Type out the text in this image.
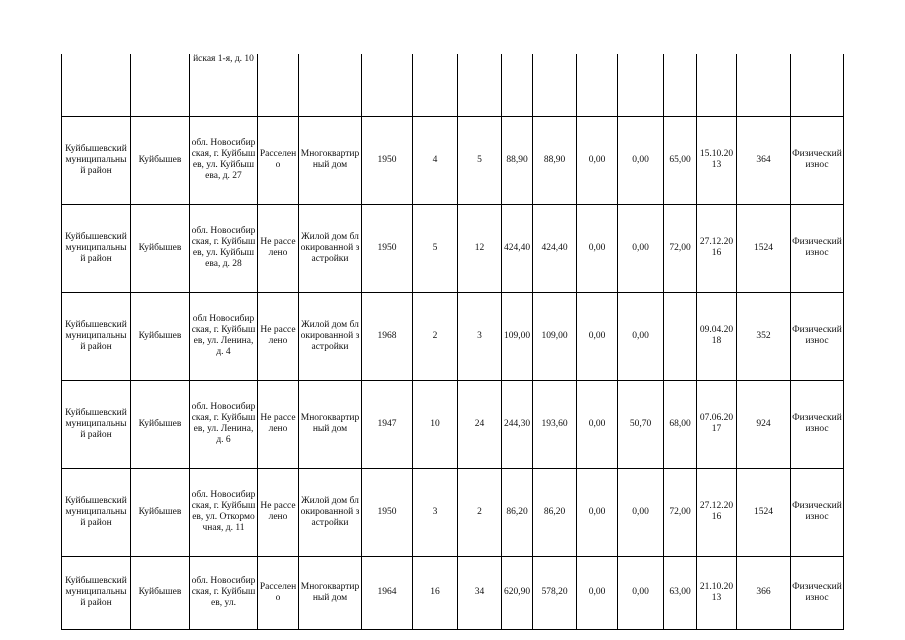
		йская 1-я, д. 10													
Куйбышевский муниципальный район	Куйбышев	обл. Новосибирская, г. Куйбышев, ул. Куйбышева, д. 27	Расселено	Многоквартирный дом	1950	4	5	88,90	88,90	0,00	0,00	65,00	15.10.2013	364	Физический износ
Куйбышевский муниципальный район	Куйбышев	обл. Новосибирская, г. Куйбышев, ул. Куйбышева, д. 28	Не расселено	Жилой дом блокированной застройки	1950	5	12	424,40	424,40	0,00	0,00	72,00	27.12.2016	1524	Физический износ
Куйбышевский муниципальный район	Куйбышев	обл Новосибирская, г. Куйбышев, ул. Ленина, д. 4	Не расселено	Жилой дом блокированной застройки	1968	2	3	109,00	109,00	0,00	0,00		09.04.2018	352	Физический износ
Куйбышевский муниципальный район	Куйбышев	обл. Новосибирская, г. Куйбышев, ул. Ленина, д. 6	Не расселено	Многоквартирный дом	1947	10	24	244,30	193,60	0,00	50,70	68,00	07.06.2017	924	Физический износ
Куйбышевский муниципальный район	Куйбышев	обл. Новосибирская, г. Куйбышев, ул. Откормочная, д. 11	Не расселено	Жилой дом блокированной застройки	1950	3	2	86,20	86,20	0,00	0,00	72,00	27.12.2016	1524	Физический износ
Куйбышевский муниципальный район	Куйбышев	обл. Новосибирская, г. Куйбышев, ул.	Расселено	Многоквартирный дом	1964	16	34	620,90	578,20	0,00	0,00	63,00	21.10.2013	366	Физический износ
